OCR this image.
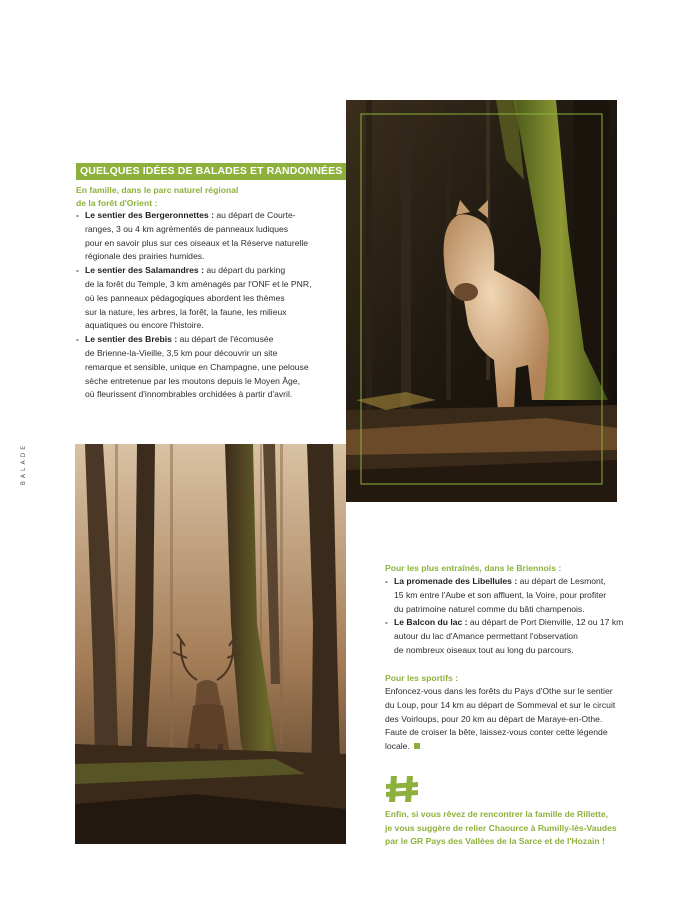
QUELQUES IDÉES DE BALADES ET RANDONNÉES
En famille, dans le parc naturel régional
de la forêt d'Orient :
- Le sentier des Bergeronnettes : au départ de Courte-
ranges, 3 ou 4 km agrémentés de panneaux ludiques
pour en savoir plus sur ces oiseaux et la Réserve naturelle
régionale des prairies humides.
- Le sentier des Salamandres : au départ du parking
de la forêt du Temple, 3 km aménagés par l'ONF et le PNR,
où les panneaux pédagogiques abordent les thèmes
sur la nature, les arbres, la forêt, la faune, les milieux
aquatiques ou encore l'histoire.
- Le sentier des Brebis : au départ de l'écomusée
de Brienne-la-Vieille, 3,5 km pour découvrir un site
remarque et sensible, unique en Champagne, une pelouse
sèche entretenue par les moutons depuis le Moyen Âge,
où fleurissent d'innombrables orchidées à partir d'avril.
BALADE
Pour les plus entraînés, dans le Briennois :
- La promenade des Libellules : au départ de Lesmont,
15 km entre l'Aube et son affluent, la Voire, pour profiter
du patrimoine naturel comme du bâti champenois.
- Le Balcon du lac : au départ de Port Dienville, 12 ou 17 km
autour du lac d'Amance permettant l'observation
de nombreux oiseaux tout au long du parcours.
Pour les sportifs :
Enfoncez-vous dans les forêts du Pays d'Othe sur le sentier
du Loup, pour 14 km au départ de Sommeval et sur le circuit
des Voirloups, pour 20 km au départ de Maraye-en-Othe.
Faute de croiser la bête, laissez-vous conter cette légende
locale.
Enfin, si vous rêvez de rencontrer la famille de Rillette,
je vous suggère de relier Chaource à Rumilly-lès-Vaudes
par le GR Pays des Vallées de la Sarce et de l'Hozain !
